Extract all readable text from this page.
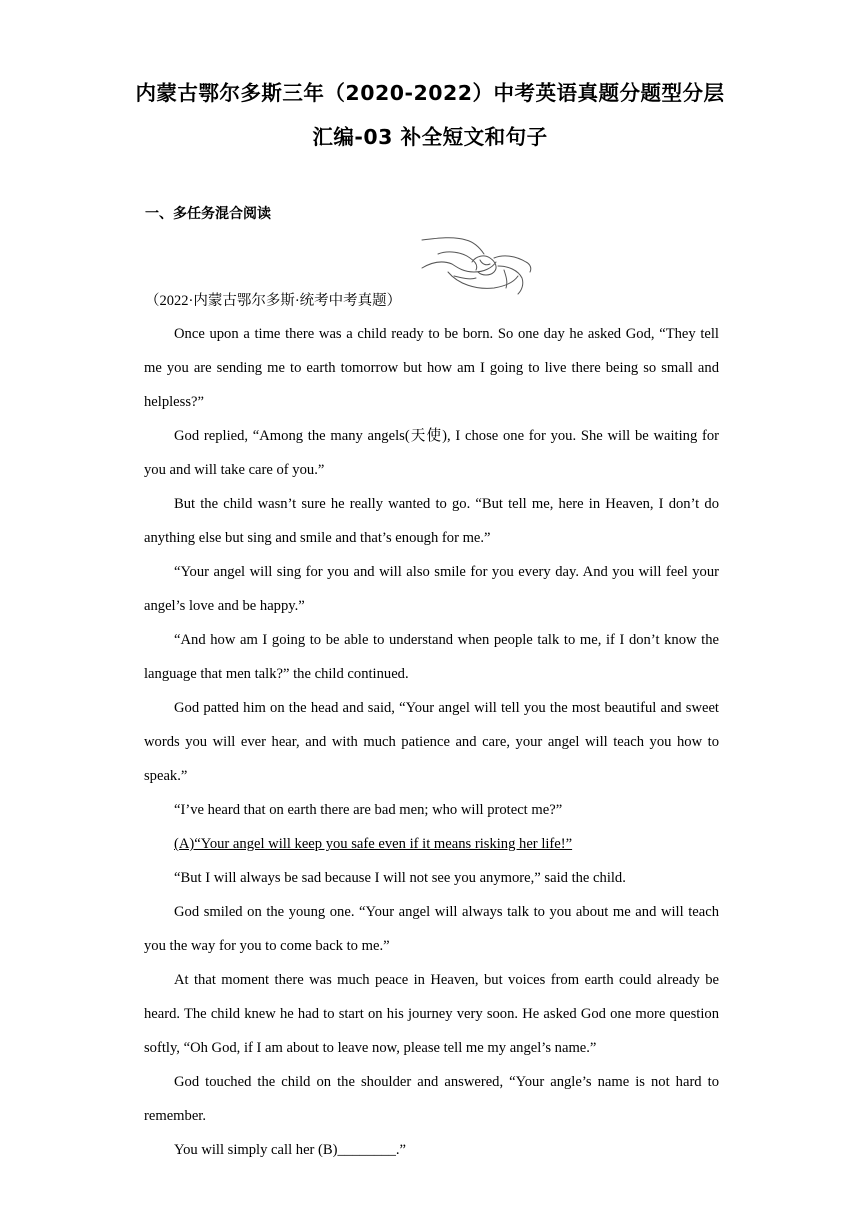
内蒙古鄂尔多斯三年（2020-2022）中考英语真题分题型分层
汇编-03 补全短文和句子
一、多任务混合阅读
（2022·内蒙古鄂尔多斯·统考中考真题）

Once upon a time there was a child ready to be born. So one day he asked God, “They tell me you are sending me to earth tomorrow but how am I going to live there being so small and helpless?”

God replied, “Among the many angels(天使), I chose one for you. She will be waiting for you and will take care of you.”

But the child wasn’t sure he really wanted to go. “But tell me, here in Heaven, I don’t do anything else but sing and smile and that’s enough for me.”

“Your angel will sing for you and will also smile for you every day. And you will feel your angel’s love and be happy.”

“And how am I going to be able to understand when people talk to me, if I don’t know the language that men talk?” the child continued.

God patted him on the head and said, “Your angel will tell you the most beautiful and sweet words you will ever hear, and with much patience and care, your angel will teach you how to speak.”

“I’ve heard that on earth there are bad men; who will protect me?”

(A)“Your angel will keep you safe even if it means risking her life!”

“But I will always be sad because I will not see you anymore,” said the child.

God smiled on the young one. “Your angel will always talk to you about me and will teach you the way for you to come back to me.”

At that moment there was much peace in Heaven, but voices from earth could already be heard. The child knew he had to start on his journey very soon. He asked God one more question softly, “Oh God, if I am about to leave now, please tell me my angel’s name.”

God touched the child on the shoulder and answered, “Your angle’s name is not hard to remember.

You will simply call her (B)________.”
